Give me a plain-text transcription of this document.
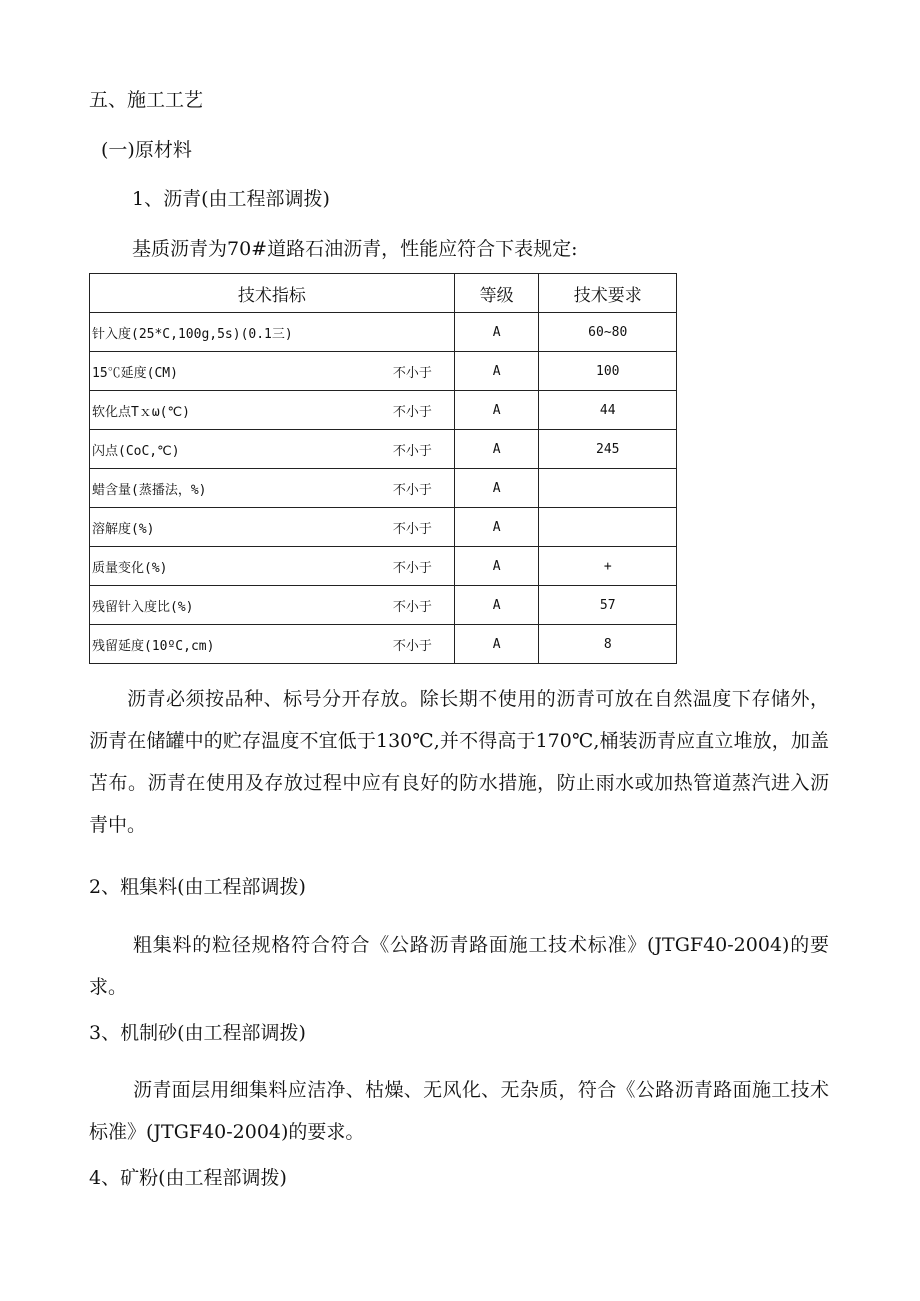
五、施工工艺
(一)原材料
1、沥青(由工程部调拨)
基质沥青为70#道路石油沥青，性能应符合下表规定:
技术指标	等级	技术要求

针入度(25*C,100g,5s)(0.1三)	A	60~80

15℃延度(CM) 不小于	A	100

软化点Tｘω(℃) 不小于	A	44

闪点(CoC,℃) 不小于	A	245

蜡含量(蒸播法，%) 不小于	A	

溶解度(%) 不小于	A	

质量变化(%) 不小于	A	+

残留针入度比(%) 不小于	A	57

残留延度(10ºC,cm) 不小于	A	8
沥青必须按品种、标号分开存放。除长期不使用的沥青可放在自然温度下存储外，沥青在储罐中的贮存温度不宜低于130℃,并不得高于170℃,桶装沥青应直立堆放，加盖苫布。沥青在使用及存放过程中应有良好的防水措施，防止雨水或加热管道蒸汽进入沥青中。
2、粗集料(由工程部调拨)
粗集料的粒径规格符合符合《公路沥青路面施工技术标准》(JTGF40-2004)的要求。
3、机制砂(由工程部调拨)
沥青面层用细集料应洁净、枯燥、无风化、无杂质，符合《公路沥青路面施工技术标准》(JTGF40-2004)的要求。
4、矿粉(由工程部调拨)
